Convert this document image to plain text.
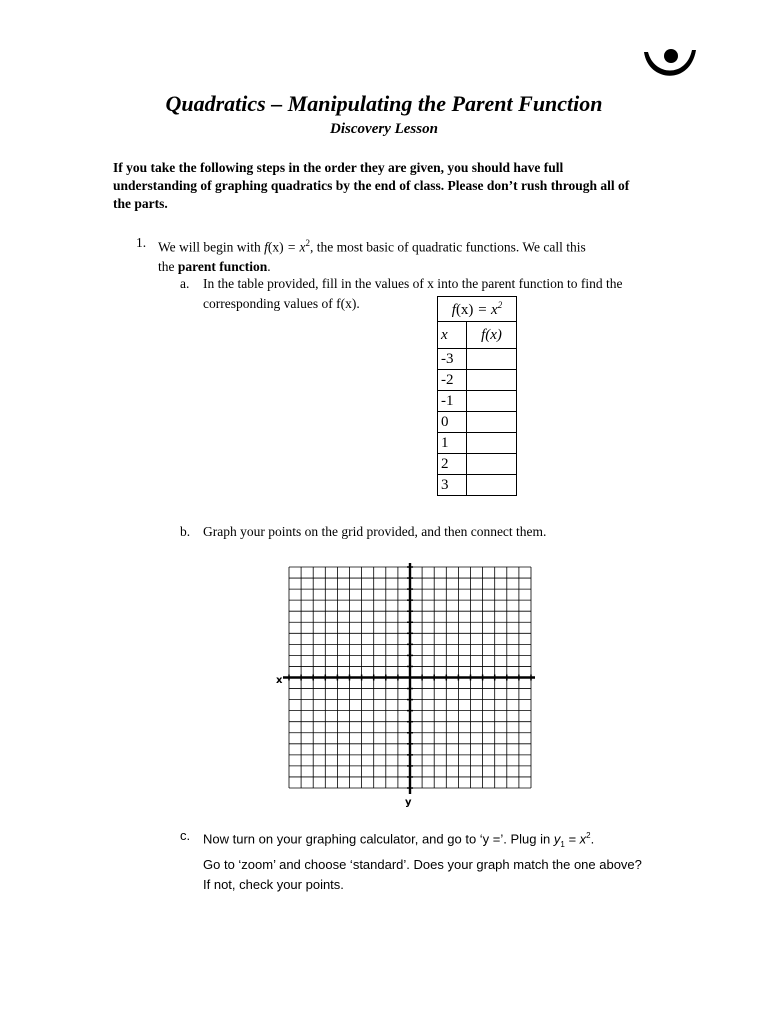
Quadratics – Manipulating the Parent Function
Discovery Lesson
If you take the following steps in the order they are given, you should have full understanding of graphing quadratics by the end of class. Please don’t rush through all of the parts.
1. We will begin with $f(x) = x^2$, the most basic of quadratic functions. We call this
the parent function.
a. In the table provided, fill in the values of x into the parent function to find the corresponding values of f(x).	$f(x) = x^2$
x	f(x)
-3	
-2	
-1	
0	
1	
2	
3	
b. Graph your points on the grid provided, and then connect them.
x
y
c. Now turn on your graphing calculator, and go to ‘y =’. Plug in $y_1 = x^2$.
Go to ‘zoom’ and choose ‘standard’. Does your graph match the one above? If not, check your points.
